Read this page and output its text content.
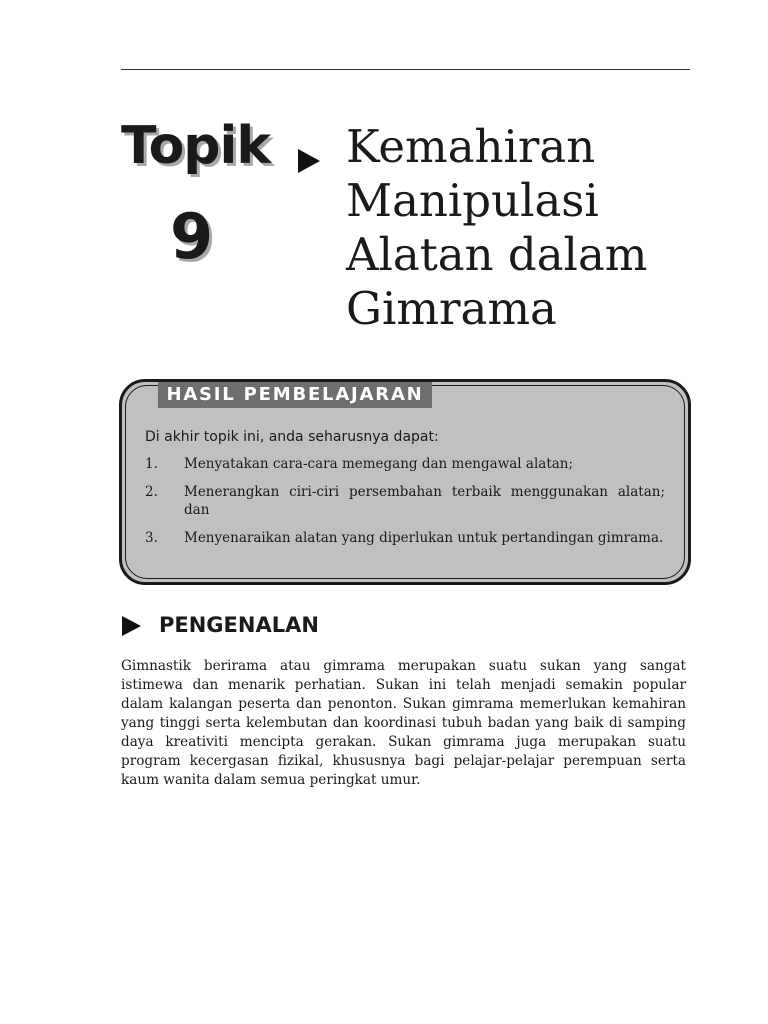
Topik
9
Kemahiran
Manipulasi
Alatan dalam
Gimrama
HASIL PEMBELAJARAN
Di akhir topik ini, anda seharusnya dapat:
1.	Menyatakan cara-cara memegang dan mengawal alatan;
2.	Menerangkan ciri-ciri persembahan terbaik menggunakan alatan; dan
3.	Menyenaraikan alatan yang diperlukan untuk pertandingan gimrama.
PENGENALAN
Gimnastik berirama atau gimrama merupakan suatu sukan yang sangat
istimewa dan menarik perhatian. Sukan ini telah menjadi semakin popular
dalam kalangan peserta dan penonton. Sukan gimrama memerlukan kemahiran
yang tinggi serta kelembutan dan koordinasi tubuh badan yang baik di samping
daya kreativiti mencipta gerakan. Sukan gimrama juga merupakan suatu
program kecergasan fizikal, khususnya bagi pelajar-pelajar perempuan serta
kaum wanita dalam semua peringkat umur.
